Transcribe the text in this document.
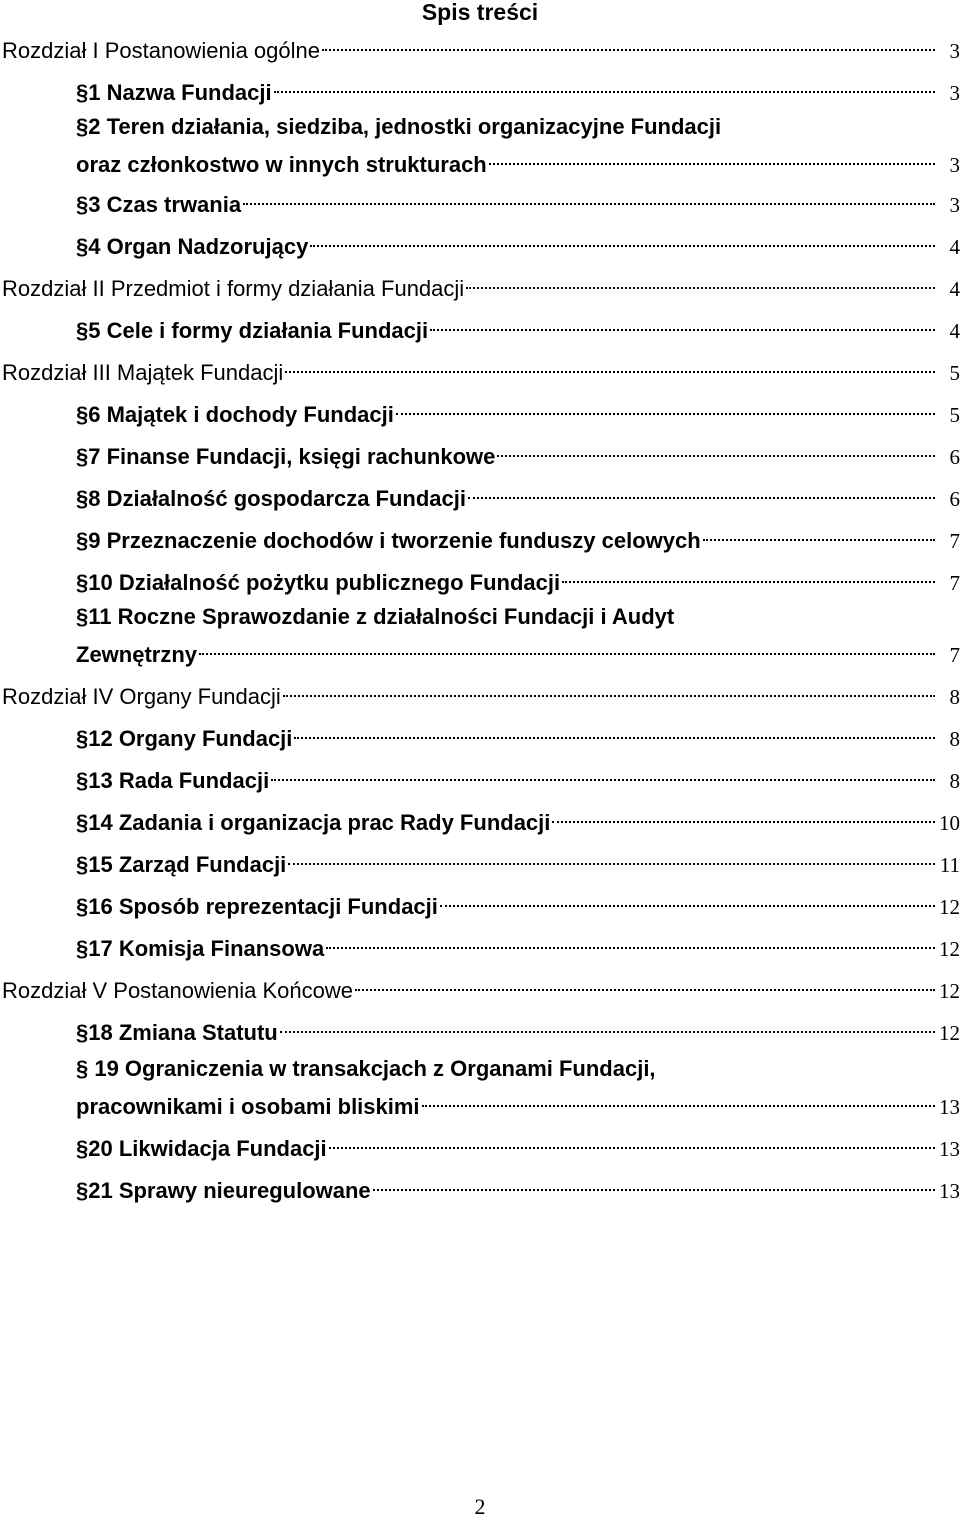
Spis treści
Rozdział I Postanowienia ogólne	3
§1 Nazwa Fundacji	3
§2 Teren działania, siedziba, jednostki organizacyjne Fundacji
oraz członkostwo w innych strukturach	3
§3 Czas trwania	3
§4 Organ Nadzorujący	4
Rozdział II Przedmiot i formy działania Fundacji	4
§5 Cele i formy działania Fundacji	4
Rozdział III Majątek Fundacji	5
§6 Majątek i dochody Fundacji	5
§7 Finanse Fundacji, księgi rachunkowe	6
§8 Działalność gospodarcza Fundacji	6
§9 Przeznaczenie dochodów i tworzenie funduszy celowych	7
§10 Działalność pożytku publicznego Fundacji	7
§11 Roczne Sprawozdanie z działalności Fundacji i Audyt
Zewnętrzny	7
Rozdział IV Organy Fundacji	8
§12 Organy Fundacji	8
§13 Rada Fundacji	8
§14 Zadania i organizacja prac Rady Fundacji	10
§15 Zarząd Fundacji	11
§16 Sposób reprezentacji Fundacji	12
§17 Komisja Finansowa	12
Rozdział V Postanowienia Końcowe	12
§18 Zmiana Statutu	12
§ 19 Ograniczenia w transakcjach z Organami Fundacji,
pracownikami i osobami bliskimi	13
§20 Likwidacja Fundacji	13
§21 Sprawy nieuregulowane	13
2
